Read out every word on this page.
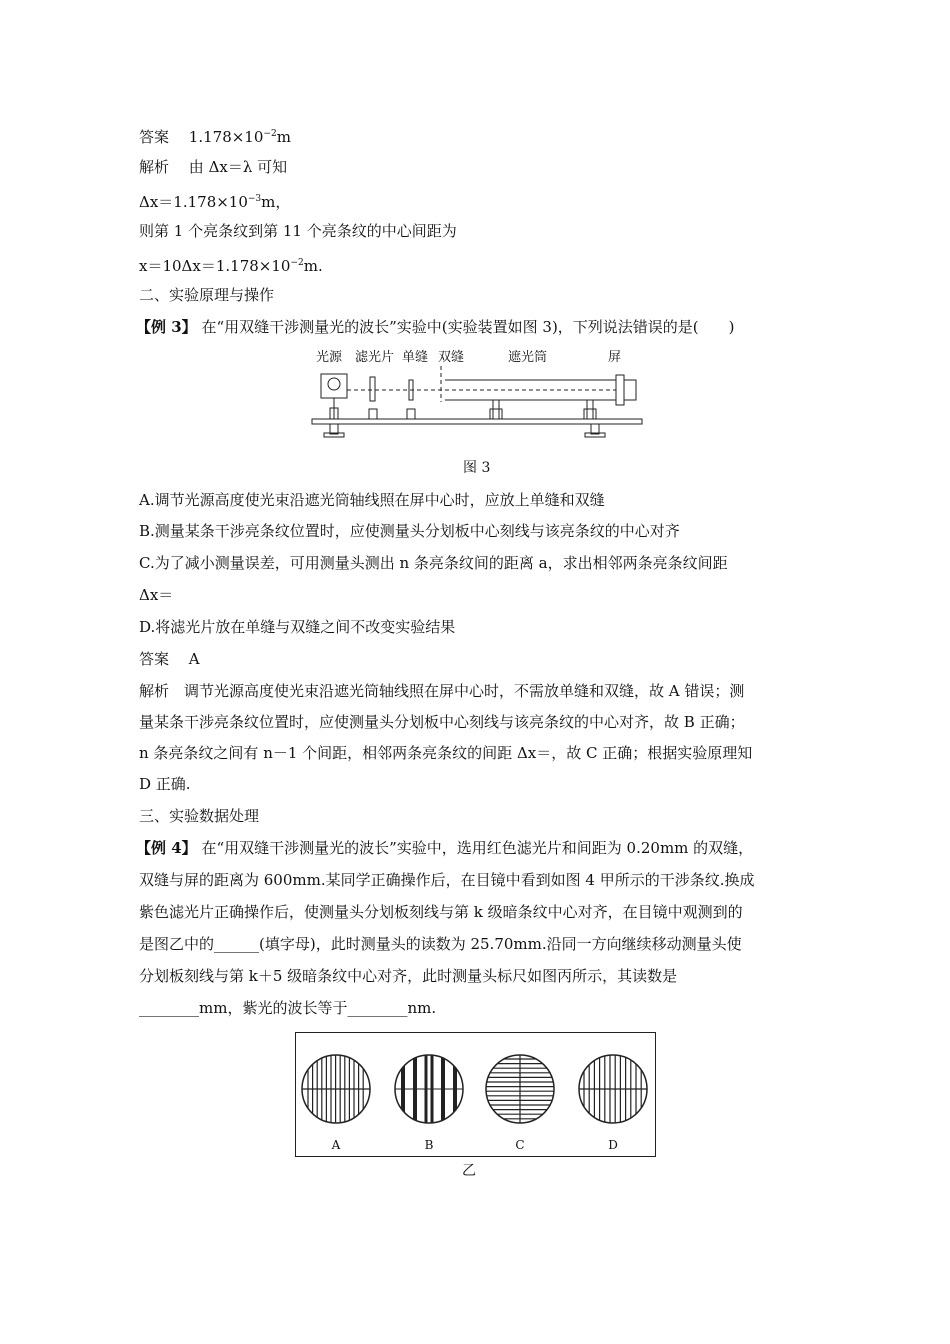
答案　 $1.178\times 10^{-2}m$
解析　 由 Δx＝λ 可知
$\Delta x=1.178\times 10^{-3}m$，
则第 1 个亮条纹到第 11 个亮条纹的中心间距为
$x=10\Delta x=1.178\times 10^{-2}m$.
二、实验原理与操作
【例 3】 在“用双缝干涉测量光的波长”实验中(实验装置如图 3)，下列说法错误的是(　　)
光源 滤光片 单缝 双缝	遮光筒	屏
图 3
A.调节光源高度使光束沿遮光筒轴线照在屏中心时，应放上单缝和双缝
B.测量某条干涉亮条纹位置时，应使测量头分划板中心刻线与该亮条纹的中心对齐
C.为了减小测量误差，可用测量头测出 n 条亮条纹间的距离 a，求出相邻两条亮条纹间距
Δx＝
D.将滤光片放在单缝与双缝之间不改变实验结果
答案　 A
解析　 调节光源高度使光束沿遮光筒轴线照在屏中心时，不需放单缝和双缝，故 A 错误；测
量某条干涉亮条纹位置时，应使测量头分划板中心刻线与该亮条纹的中心对齐，故 B 正确；
n 条亮条纹之间有 n－1 个间距，相邻两条亮条纹的间距 Δx＝，故 C 正确；根据实验原理知
D 正确.
三、实验数据处理
【例 4】 在“用双缝干涉测量光的波长”实验中，选用红色滤光片和间距为 0.20mm 的双缝，
双缝与屏的距离为 600mm.某同学正确操作后，在目镜中看到如图 4 甲所示的干涉条纹.换成
紫色滤光片正确操作后，使测量头分划板刻线与第 k 级暗条纹中心对齐，在目镜中观测到的
是图乙中的______(填字母)，此时测量头的读数为 25.70mm.沿同一方向继续移动测量头使
分划板刻线与第 k＋5 级暗条纹中心对齐，此时测量头标尺如图丙所示，其读数是
________mm，紫光的波长等于________nm.
A	B	C	D
乙
